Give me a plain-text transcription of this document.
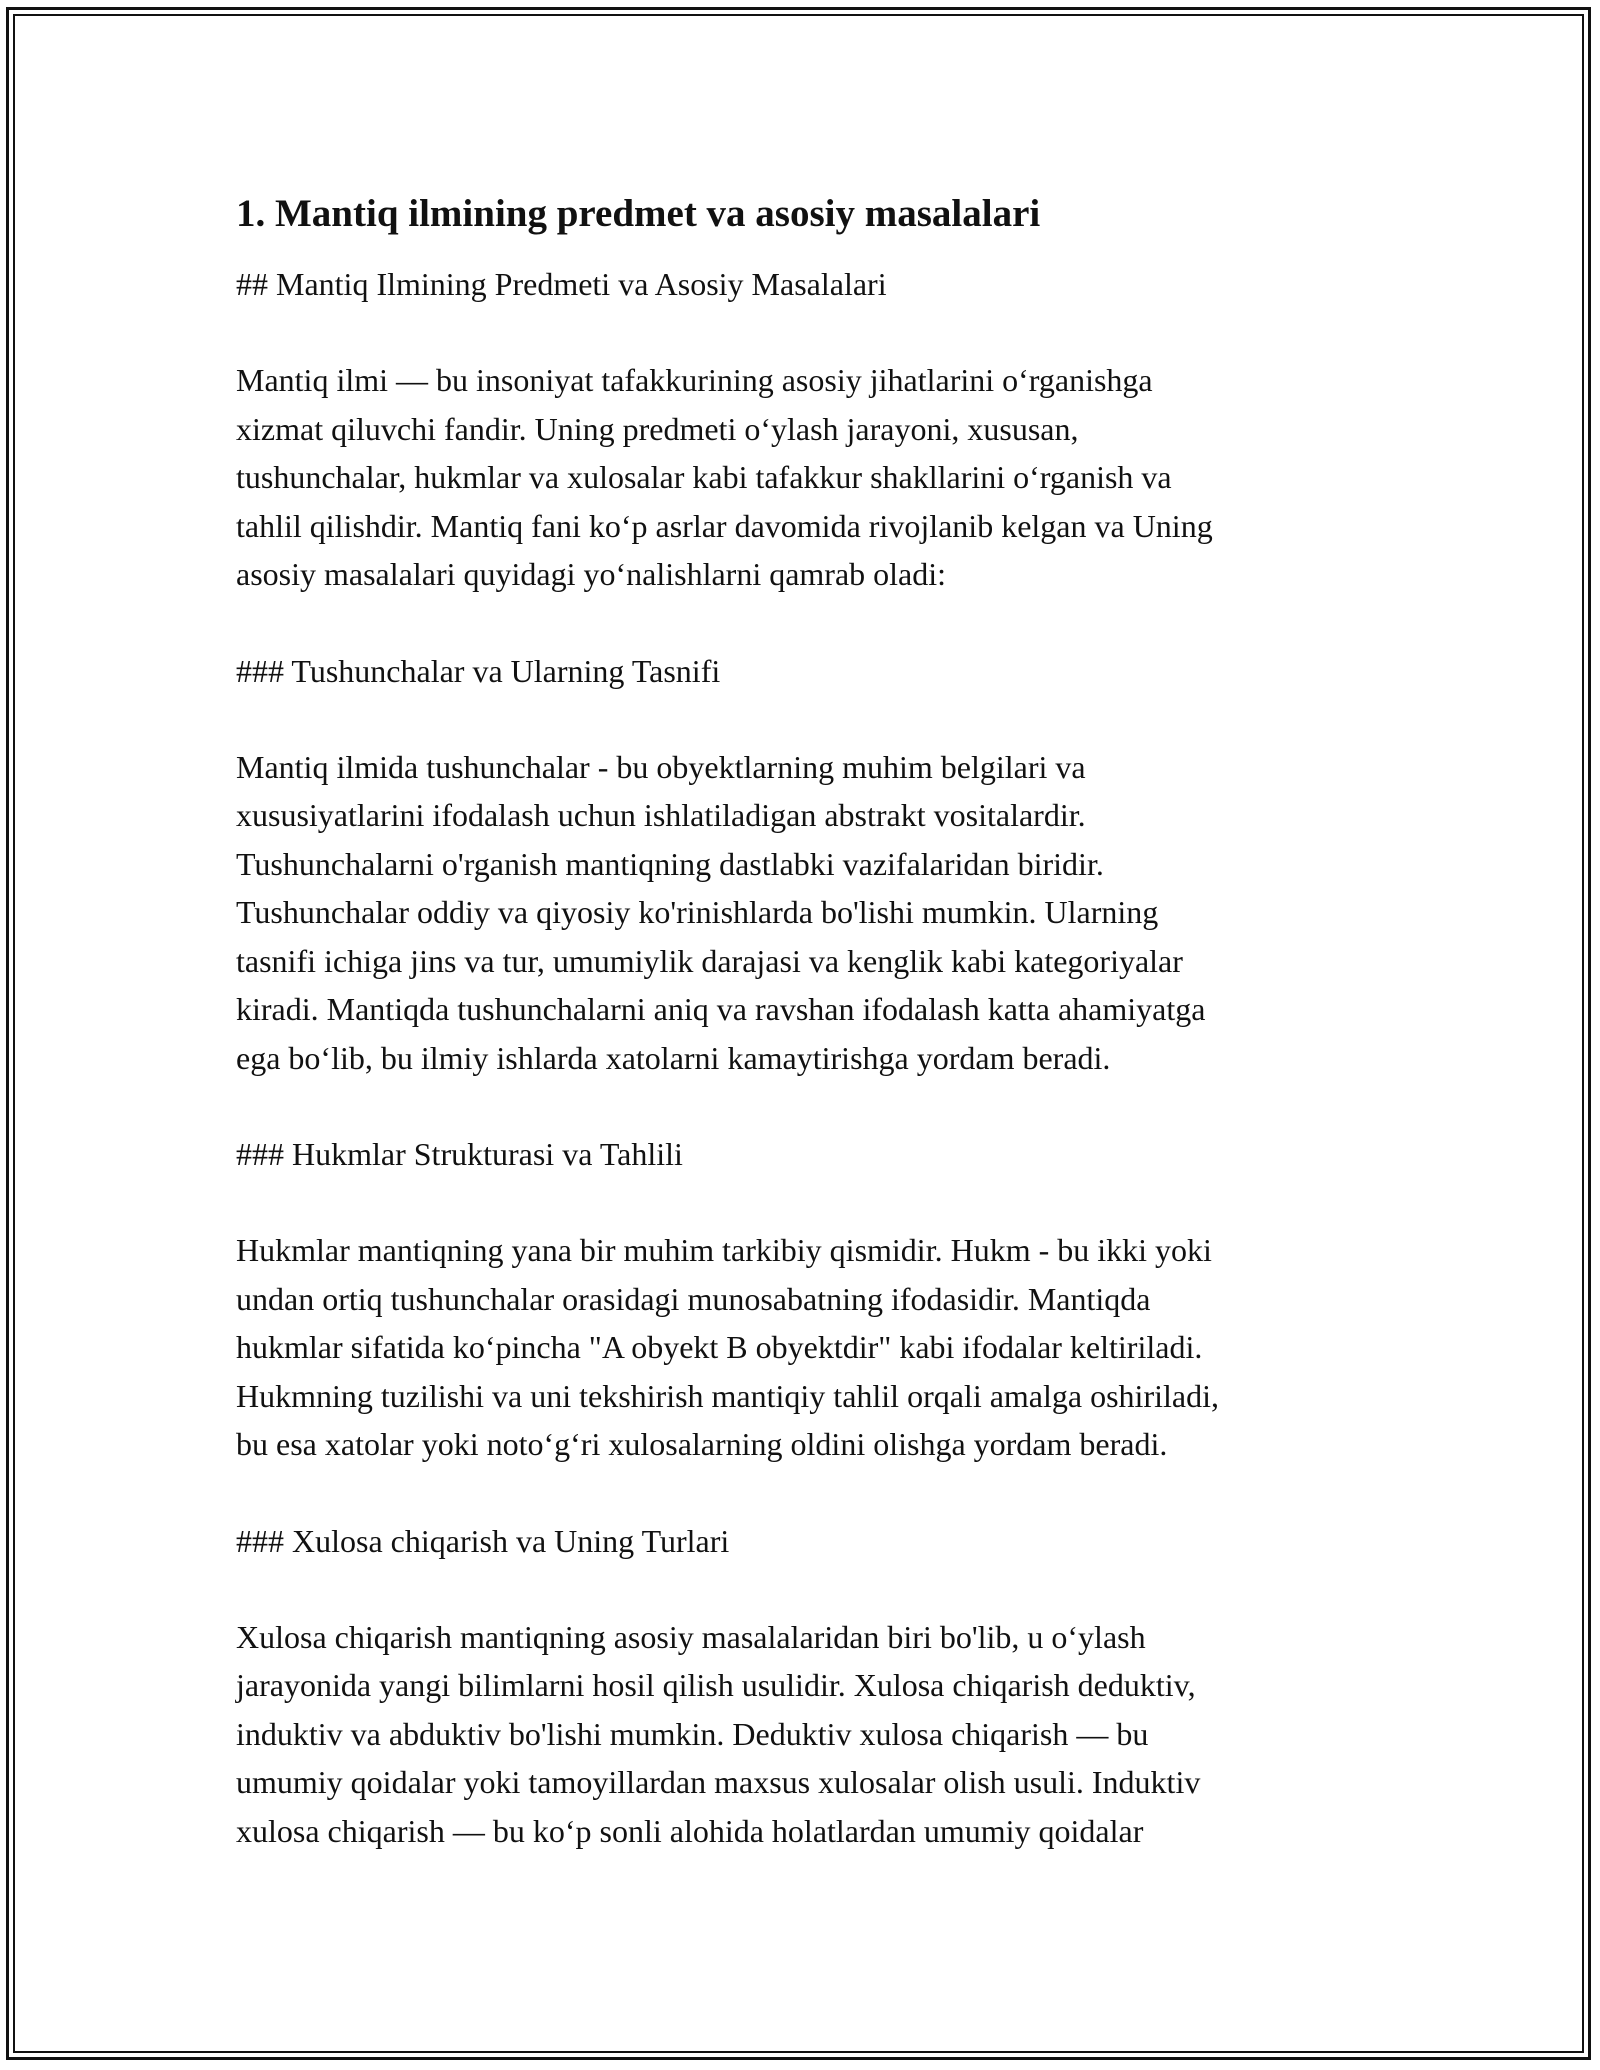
1. Mantiq ilmining predmet va asosiy masalalari
## Mantiq Ilmining Predmeti va Asosiy Masalalari

Mantiq ilmi — bu insoniyat tafakkurining asosiy jihatlarini oʻrganishga
xizmat qiluvchi fandir. Uning predmeti oʻylash jarayoni, xususan,
tushunchalar, hukmlar va xulosalar kabi tafakkur shakllarini oʻrganish va
tahlil qilishdir. Mantiq fani koʻp asrlar davomida rivojlanib kelgan va Uning
asosiy masalalari quyidagi yoʻnalishlarni qamrab oladi:

### Tushunchalar va Ularning Tasnifi

Mantiq ilmida tushunchalar - bu obyektlarning muhim belgilari va
xususiyatlarini ifodalash uchun ishlatiladigan abstrakt vositalardir.
Tushunchalarni o'rganish mantiqning dastlabki vazifalaridan biridir.
Tushunchalar oddiy va qiyosiy ko'rinishlarda bo'lishi mumkin. Ularning
tasnifi ichiga jins va tur, umumiylik darajasi va kenglik kabi kategoriyalar
kiradi. Mantiqda tushunchalarni aniq va ravshan ifodalash katta ahamiyatga
ega boʻlib, bu ilmiy ishlarda xatolarni kamaytirishga yordam beradi.

### Hukmlar Strukturasi va Tahlili

Hukmlar mantiqning yana bir muhim tarkibiy qismidir. Hukm - bu ikki yoki
undan ortiq tushunchalar orasidagi munosabatning ifodasidir. Mantiqda
hukmlar sifatida koʻpincha "A obyekt B obyektdir" kabi ifodalar keltiriladi.
Hukmning tuzilishi va uni tekshirish mantiqiy tahlil orqali amalga oshiriladi,
bu esa xatolar yoki notoʻgʻri xulosalarning oldini olishga yordam beradi.

### Xulosa chiqarish va Uning Turlari

Xulosa chiqarish mantiqning asosiy masalalaridan biri bo'lib, u oʻylash
jarayonida yangi bilimlarni hosil qilish usulidir. Xulosa chiqarish deduktiv,
induktiv va abduktiv bo'lishi mumkin. Deduktiv xulosa chiqarish — bu
umumiy qoidalar yoki tamoyillardan maxsus xulosalar olish usuli. Induktiv
xulosa chiqarish — bu koʻp sonli alohida holatlardan umumiy qoidalar
